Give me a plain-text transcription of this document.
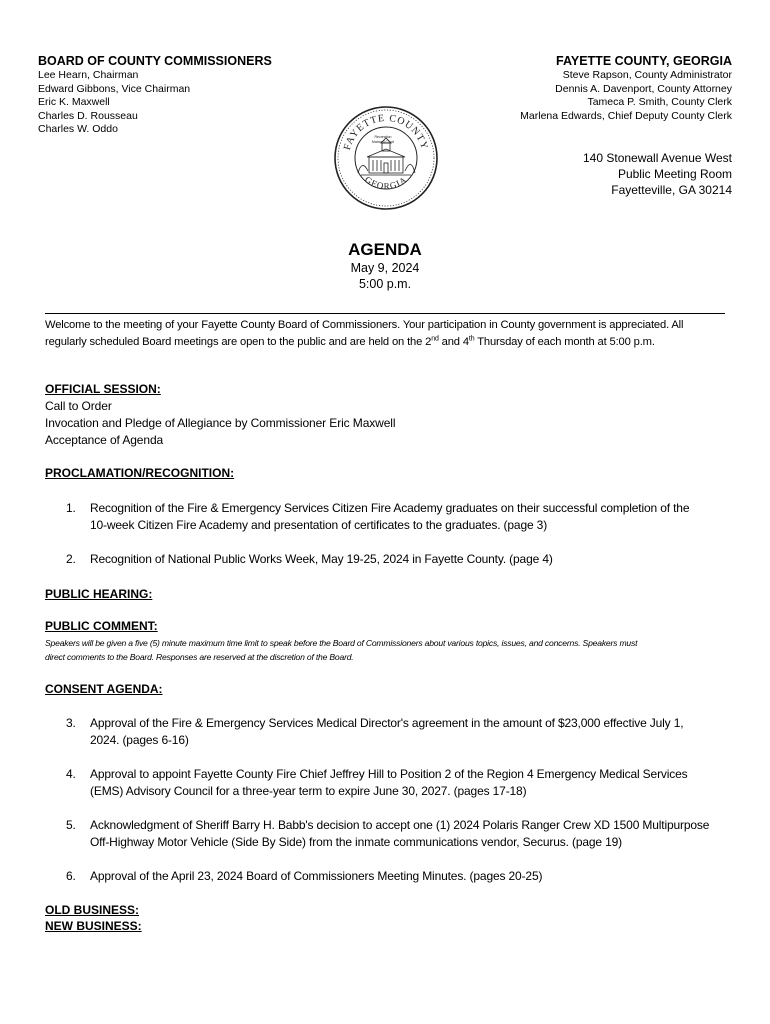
BOARD OF COUNTY COMMISSIONERS
Lee Hearn, Chairman
Edward Gibbons, Vice Chairman
Eric K. Maxwell
Charles D. Rousseau
Charles W. Oddo
FAYETTE COUNTY, GEORGIA
Steve Rapson, County Administrator
Dennis A. Davenport, County Attorney
Tameca P. Smith, County Clerk
Marlena Edwards, Chief Deputy County Clerk
FAYETTE COUNTY
GEORGIA
Recreation
Maxwell Court
140 Stonewall Avenue West
Public Meeting Room
Fayetteville, GA 30214
AGENDA
May 9, 2024
5:00 p.m.
Welcome to the meeting of your Fayette County Board of Commissioners. Your participation in County government is appreciated. All
regularly scheduled Board meetings are open to the public and are held on the 2nd and 4th Thursday of each month at 5:00 p.m.
OFFICIAL SESSION:
Call to Order
Invocation and Pledge of Allegiance by Commissioner Eric Maxwell
Acceptance of Agenda
PROCLAMATION/RECOGNITION:
1.	Recognition of the Fire & Emergency Services Citizen Fire Academy graduates on their successful completion of the
10-week Citizen Fire Academy and presentation of certificates to the graduates. (page 3)
2.	Recognition of National Public Works Week, May 19-25, 2024 in Fayette County. (page 4)
PUBLIC HEARING:
PUBLIC COMMENT:
Speakers will be given a five (5) minute maximum time limit to speak before the Board of Commissioners about various topics, issues, and concerns. Speakers must
direct comments to the Board. Responses are reserved at the discretion of the Board.
CONSENT AGENDA:
3.	Approval of the Fire & Emergency Services Medical Director's agreement in the amount of $23,000 effective July 1,
2024. (pages 6-16)
4.	Approval to appoint Fayette County Fire Chief Jeffrey Hill to Position 2 of the Region 4 Emergency Medical Services
(EMS) Advisory Council for a three-year term to expire June 30, 2027. (pages 17-18)
5.	Acknowledgment of Sheriff Barry H. Babb's decision to accept one (1) 2024 Polaris Ranger Crew XD 1500 Multipurpose
Off-Highway Motor Vehicle (Side By Side) from the inmate communications vendor, Securus. (page 19)
6.	Approval of the April 23, 2024 Board of Commissioners Meeting Minutes. (pages 20-25)
OLD BUSINESS:
NEW BUSINESS:
